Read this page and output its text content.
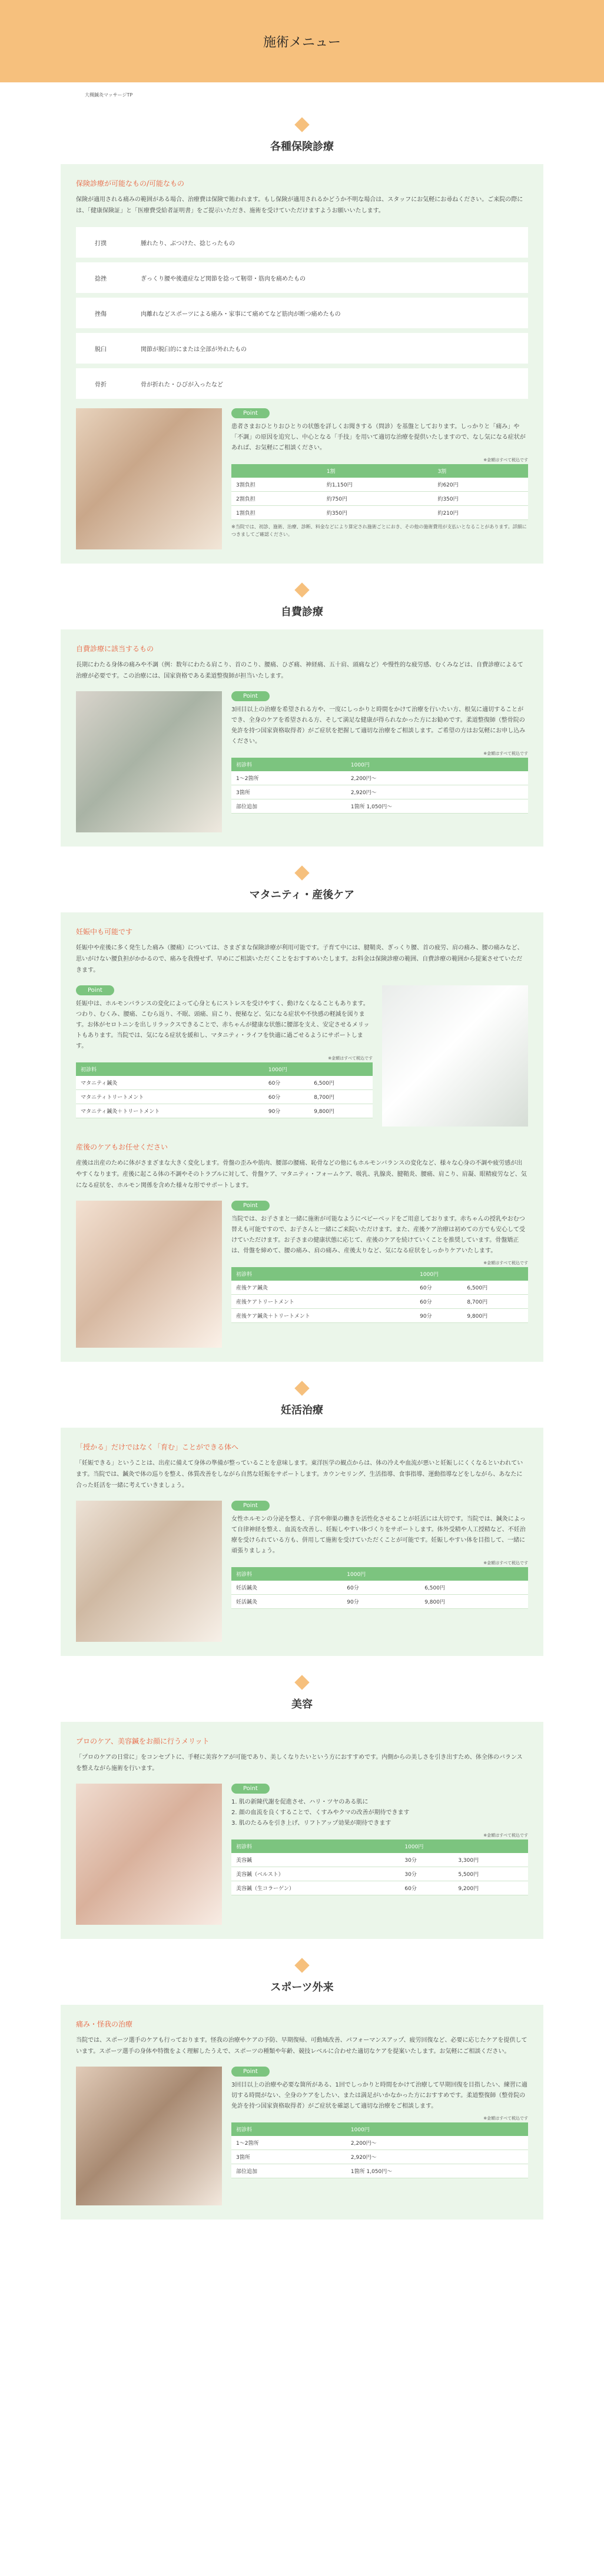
施術メニュー
大槻鍼灸マッサージTP
各種保険診療
保険診療が可能なもの/可能なもの

保険が適用される痛みの範囲がある場合、治療費は保険で賄われます。もし保険が適用されるかどうか不明な場合は、スタッフにお気軽にお尋ねください。ご来院の際には、「健康保険証」と「医療費受給者証明書」をご提示いただき、施術を受けていただけますようお願いいたします。

打撲	腫れたり、ぶつけた、捻じったもの
捻挫	ぎっくり腰や後遺症など関節を捻って靭帯・筋肉を痛めたもの
挫傷	肉離れなどスポーツによる痛み・家事にて痛めてなど筋肉が断つ痛めたもの
脱臼	関節が脱臼的にまたは全部が外れたもの
骨折	骨が折れた・ひびが入ったなど
Point

患者さまおひとりおひとりの状態を詳しくお聞きする（問診）を基盤としております。しっかりと「痛み」や「不調」の原因を追究し、中心となる「手技」を用いて適切な治療を提供いたしますので、なし気になる症状があれば、お気軽にご相談ください。

※金額はすべて税込です
	1割	3割
3割負担	約1,150円	約620円
2割負担	約750円	約350円
1割負担	約350円	約210円

※当院では、初診、施術、治療、診断、料金などにより算定され施術ごとにおき、その他の施術費用が支払いとなることがあります。詳細につきましてご確認ください。

自費診療
自費診療に該当するもの

長期にわたる身体の痛みや不調（例：数年にわたる肩こり、首のこり、腰痛、ひざ痛、神経痛、五十肩、頭痛など）や慢性的な疲労感、むくみなどは、自費診療によるて治療が必要です。この治療には、国家資格である柔道整復師が担当いたします。

Point

3回目以上の治療を希望される方や、一度にしっかりと時間をかけて治療を行いたい方、根気に適切することができ、全身のケアを希望される方、そして満足な健康が得られなかった方にお勧めです。柔道整復師（整骨院の免許を持つ国家資格取得者）がご症状を把握して適切な治療をご相談します。ご希望の方はお気軽にお申し込みください。

※金額はすべて税込です
初診料	1000円
1〜2箇所	2,200円〜
3箇所	2,920円〜
部位追加	1箇所 1,050円〜
マタニティ・産後ケア
妊娠中も可能です

妊娠中や産後に多く発生した痛み（腰痛）については、さまざまな保険診療が利用可能です。子育て中には、腱鞘炎、ぎっくり腰、首の疲労、肩の痛み、腰の痛みなど、思いがけない腰負担がかかるので、痛みを我慢せず、早めにご相談いただくことをおすすめいたします。お料金は保険診療の範囲、自費診療の範囲から提案させていただきます。

Point

妊娠中は、ホルモンバランスの変化によって心身ともにストレスを受けやすく、動けなくなることもあります。つわり、むくみ、腰痛、こむら返り、不眠、頭痛、肩こり、便秘など、気になる症状や不快感の軽減を図ります。お体がセロトニンを出しリラックスできることで、赤ちゃんが健康な状態に腰部を支え、安定させるメリットもあります。当院では、気になる症状を緩和し、マタニティ・ライフを快適に過ごせるようにサポートします。

※金額はすべて税込です
初診料	1000円	
マタニティ鍼灸	60分	6,500円
マタニティトリートメント	60分	8,700円
マタニティ鍼灸＋トリートメント	90分	9,800円
産後のケアもお任せください

産後は出産のために体がさまざまな大きく変化します。骨盤の歪みや筋肉、腰部の腰痛、恥骨などの他にもホルモンバランスの変化など、様々な心身の不調や疲労感が出やすくなります。産後に起こる体の不調やそのトラブルに対して、骨盤ケア、マタニティ・フォームケア、吸乳、乳腺炎、腱鞘炎、腰痛、肩こり、肩凝、眼精疲労など、気になる症状を、ホルモン関係を含めた様々な形でサポートします。

Point

当院では、お子さまと一緒に施術が可能なようにベビーベッドをご用意しております。赤ちゃんの授乳やおむつ替えも可能ですので、お子さんと一緒にご来院いただけます。また、産後ケア治療は初めての方でも安心して受けていただけます。お子さまの健康状態に応じて、産後のケアを続けていくことを推奨しています。骨盤矯正は、骨盤を締めて、腰の痛み、肩の痛み、産後太りなど、気になる症状をしっかりケアいたします。

※金額はすべて税込です
初診料	1000円	
産後ケア鍼灸	60分	6,500円
産後ケアトリートメント	60分	8,700円
産後ケア鍼灸＋トリートメント	90分	9,800円
妊活治療
「授かる」だけではなく「育む」ことができる体へ

「妊娠できる」ということは、出産に備えて身体の準備が整っていることを意味します。東洋医学の観点からは、体の冷えや血流が悪いと妊娠しにくくなるといわれています。当院では、鍼灸で体の巡りを整え、体質改善をしながら自然な妊娠をサポートします。カウンセリング、生活指導、食事指導、運動指導などをしながら、あなたに合った妊活を一緒に考えていきましょう。

Point

女性ホルモンの分泌を整え、子宮や卵巣の働きを活性化させることが妊活には大切です。当院では、鍼灸によって自律神経を整え、血流を改善し、妊娠しやすい体づくりをサポートします。体外受精や人工授精など、不妊治療を受けられている方も、併用して施術を受けていただくことが可能です。妊娠しやすい体を目指して、一緒に頑張りましょう。

※金額はすべて税込です
初診料	1000円	
妊活鍼灸	60分	6,500円
妊活鍼灸	90分	9,800円
美容
プロのケア、美容鍼をお顔に行うメリット

「プロのケアの日常に」をコンセプトに、手軽に美容ケアが可能であり、美しくなりたいという方におすすめです。内側からの美しさを引き出すため、体全体のバランスを整えながら施術を行います。

Point

1. 肌の新陳代謝を促進させ、ハリ・ツヤのある肌に

2. 顔の血流を良くすることで、くすみやクマの改善が期待できます

3. 肌のたるみを引き上げ、リフトアップ効果が期待できます

※金額はすべて税込です
初診料	1000円	
美容鍼	30分	3,300円
美容鍼（ベルスト）	30分	5,500円
美容鍼（生コラーゲン）	60分	9,200円
スポーツ外来
痛み・怪我の治療

当院では、スポーツ選手のケアも行っております。怪我の治療やケアの予防、早期復帰、可動域改善、パフォーマンスアップ、疲労回復など、必要に応じたケアを提供しています。スポーツ選手の身体や特徴をよく理解したうえで、スポーツの種類や年齢、競技レベルに合わせた適切なケアを提案いたします。お気軽にご相談ください。

Point

3回目以上の治療や必要な箇所がある、1回でしっかりと時間をかけて治療して早期回復を目指したい、練習に適切する時間がない、全身のケアをしたい、または満足がいかなかった方におすすめです。柔道整復師（整骨院の免許を持つ国家資格取得者）がご症状を確認して適切な治療をご相談します。

※金額はすべて税込です
初診料	1000円
1〜2箇所	2,200円〜
3箇所	2,920円〜
部位追加	1箇所 1,050円〜
